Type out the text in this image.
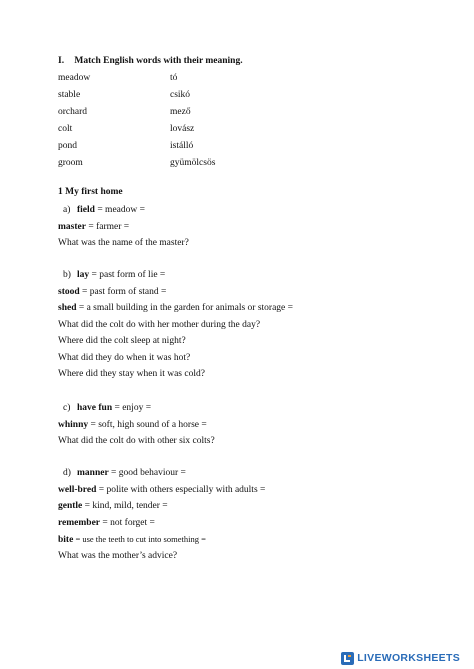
I. Match English words with their meaning.
meadow	tó
stable	csikó
orchard	mező
colt	lovász
pond	istálló
groom	gyümölcsös
1 My first home
a) field = meadow =
master = farmer =
What was the name of the master?
b) lay = past form of lie =
stood = past form of stand =
shed = a small building in the garden for animals or storage =
What did the colt do with her mother during the day?
Where did the colt sleep at night?
What did they do when it was hot?
Where did they stay when it was cold?
c) have fun = enjoy =
whinny = soft, high sound of a horse =
What did the colt do with other six colts?
d) manner = good behaviour =
well-bred = polite with others especially with adults =
gentle = kind, mild, tender =
remember = not forget =
bite = use the teeth to cut into something =
What was the mother’s advice?
LIVEWORKSHEETS
